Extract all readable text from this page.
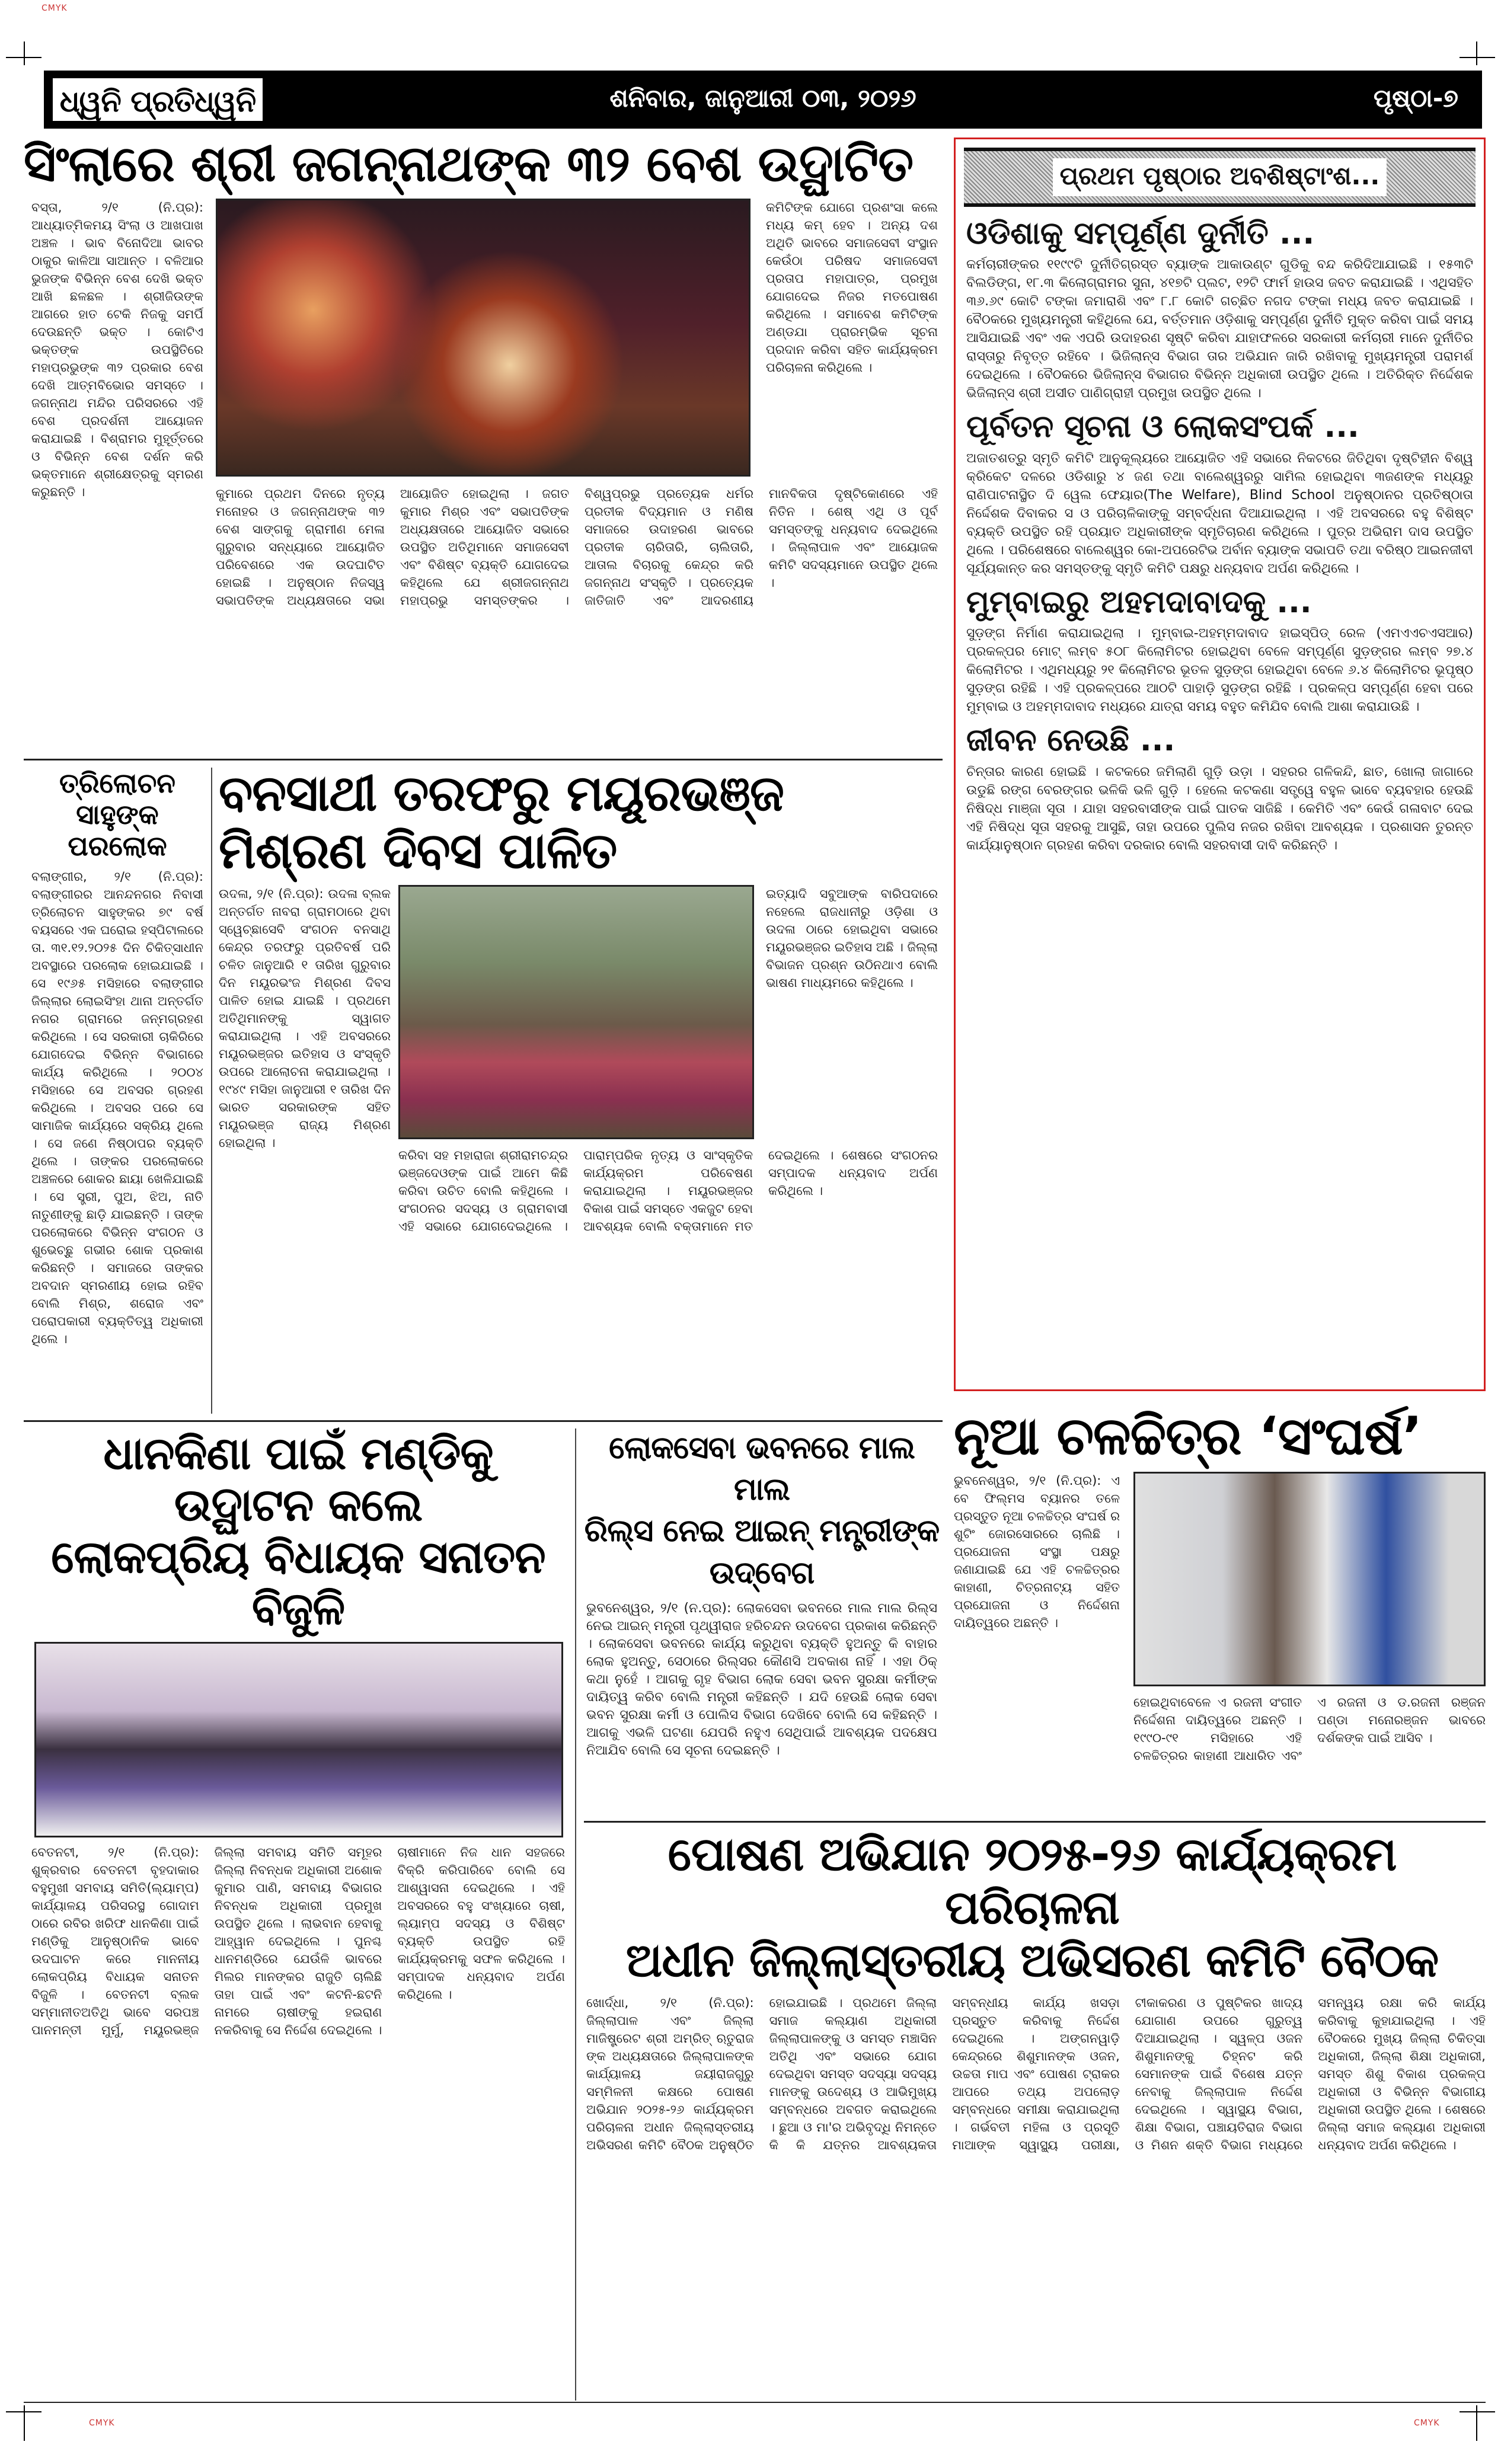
CMYK
CMYK	CMYK
ଧ୍ୱନି ପ୍ରତିଧ୍ୱନି	ଶନିବାର, ଜାନୁଆରୀ ୦୩, ୨୦୨୬	ପୃଷ୍ଠା-୭
ସିଂଲାରେ ଶ୍ରୀ ଜଗନ୍ନାଥଙ୍କ ୩୨ ବେଶ ଉଦ୍ଘାଟିତ
ବସ୍ତା, ୨/୧ (ନି.ପ୍ର): ଆଧ୍ୟାତ୍ମିକମୟ ସିଂଲା ଓ ଆଖପାଖ ଅଞ୍ଚଳ । ଭାବ ବିନୋଦିଆ ଭାବର ଠାକୁର କାଳିଆ ସାଆନ୍ତ । ବଳିଆର ଭୁଜଙ୍କ ବିଭିନ୍ନ ବେଶ ଦେଖି ଭକ୍ତ ଆଖି ଛଳଛଳ । ଶ୍ରୀଜିଉଙ୍କ ଆଗରେ ହାତ ଟେକି ନିଜକୁ ସମର୍ପି ଦେଉଛନ୍ତି ଭକ୍ତ । କୋଟିଏ ଭକ୍ତଙ୍କ ଉପସ୍ଥିତିରେ ମହାପ୍ରଭୁଙ୍କ ୩୨ ପ୍ରକାର ବେଶ ଦେଖି ଆତ୍ମବିଭୋର ସମସ୍ତେ । ଜଗନ୍ନାଥ ମନ୍ଦିର ପରିସରରେ ଏହି ବେଶ ପ୍ରଦର୍ଶନୀ ଆୟୋଜନ କରାଯାଇଛି । ବିଶ୍ରାମର ମୁହୂର୍ତ୍ତରେ ଓ ବିଭିନ୍ନ ବେଶ ଦର୍ଶନ କରି ଭକ୍ତମାନେ ଶ୍ରୀକ୍ଷେତ୍ରକୁ ସ୍ମରଣ କରୁଛନ୍ତି ।
କମିଟିଙ୍କ ଯୋଗେ ପ୍ରଶଂସା କଲେ ମଧ୍ୟ କମ୍ ହେବ । ଅନ୍ୟ ଦଶ ଅଥିତି ଭାବରେ ସମାଜସେବୀ ସଂସ୍ଥାନ କେଉଁଠା ପରିଷଦ ସମାଜସେବୀ ପ୍ରତାପ ମହାପାତ୍ର, ପ୍ରମୁଖ ଯୋଗଦେଇ ନିଜର ମତପୋଷଣ କରିଥିଲେ । ସମାବେଶ କମିଟିଙ୍କ ଅଣ୍ଡଯା ପ୍ରାରମ୍ଭିକ ସୂଚନା ପ୍ରଦାନ କରିବା ସହିତ କାର୍ଯ୍ୟକ୍ରମ ପରିଚାଳନା କରିଥିଲେ ।
କୁମାରେ ପ୍ରଥମ ଦିନରେ ନୃତ୍ୟ ମନୋହର ଓ ଜଗନ୍ନାଥଙ୍କ ୩୨ ବେଶ ସାଙ୍ଗକୁ ଗ୍ରାମୀଣ ମେଳା ଗୁରୁବାର ସନ୍ଧ୍ୟାରେ ଆୟୋଜିତ ପରିବେଶରେ ଏକ ଉଦଘାଟିତ ହୋଇଛି । ଅନୁଷ୍ଠାନ ନିଜସ୍ୱ ସଭାପତିଙ୍କ ଅଧ୍ୟକ୍ଷତାରେ ସଭା ଆୟୋଜିତ ହୋଇଥିଲା । ଜଗତ କୁମାର ମିଶ୍ର ଏବଂ ସଭାପତିଙ୍କ ଅଧ୍ୟକ୍ଷତାରେ ଆୟୋଜିତ ସଭାରେ ଉପସ୍ଥିତ ଅତିଥିମାନେ ସମାଜସେବୀ ଏବଂ ବିଶିଷ୍ଟ ବ୍ୟକ୍ତି ଯୋଗଦେଇ କହିଥିଲେ ଯେ ଶ୍ରୀଜଗନ୍ନାଥ ମହାପ୍ରଭୁ ସମସ୍ତଙ୍କର । ବିଶ୍ୱପ୍ରଭୁ ପ୍ରତ୍ୟେକ ଧର୍ମର ପ୍ରତୀକ ବିଦ୍ୟମାନ ଓ ମଣିଷ ସମାଜରେ ଉଦାହରଣ ଭାବରେ ପ୍ରତୀକ ଚାରିତାରି, ଚାଲିତାରି, ଆତାଲ ବିଚାରକୁ କେନ୍ଦ୍ର କରି ଜଗନ୍ନାଥ ସଂସ୍କୃତି । ପ୍ରତ୍ୟେକ ଜାତିଜାତି ଏବଂ ଆଦରଣୀୟ ମାନବିକତା ଦୃଷ୍ଟିକୋଣରେ ଏହି ନିତିନ । ଶେଷ୍ ଏଥି ଓ ପୂର୍ବ ସମସ୍ତଙ୍କୁ ଧନ୍ୟବାଦ ଦେଇଥିଲେ । ଜିଲ୍ଲାପାଳ ଏବଂ ଆୟୋଜକ କମିଟି ସଦସ୍ୟମାନେ ଉପସ୍ଥିତ ଥିଲେ ।
ପ୍ରଥମ ପୃଷ୍ଠାର ଅବଶିଷ୍ଟାଂଶ...
ଓଡିଶାକୁ ସମ୍ପୂର୍ଣ୍ଣ ଦୁର୍ନୀତି ...
କର୍ମଚାରୀଙ୍କର ୧୧୯୯ଟି ଦୁର୍ନୀତିଗ୍ରସ୍ତ ବ୍ୟାଙ୍କ ଆକାଉଣ୍ଟ ଗୁଡିକୁ ବନ୍ଦ କରିଦିଆଯାଇଛି । ୧୫୩ଟି ବିଲଡିଙ୍ଗ, ୧୮.୩ କିଲୋଗ୍ରାମର ସୁନା, ୪୧୭ଟି ପ୍ଲଟ, ୧୨ଟି ଫାର୍ମ ହାଉସ ଜବତ କରାଯାଇଛି । ଏଥିସହିତ ୩୬.୬୯ କୋଟି ଟଙ୍କା ଜମାରାଶି ଏବଂ ୮.୮ କୋଟି ଗଚ୍ଛିତ ନଗଦ ଟଙ୍କା ମଧ୍ୟ ଜବତ କରାଯାଇଛି । ବୈଠକରେ ମୁଖ୍ୟମନ୍ତ୍ରୀ କହିଥିଲେ ଯେ, ବର୍ତ୍ତମାନ ଓଡ଼ିଶାକୁ ସମ୍ପୂର୍ଣ୍ଣ ଦୁର୍ନୀତି ମୁକ୍ତ କରିବା ପାଇଁ ସମୟ ଆସିଯାଇଛି ଏବଂ ଏକ ଏପରି ଉଦାହରଣ ସୃଷ୍ଟି କରିବା ଯାହାଫଳରେ ସରକାରୀ କର୍ମଚାରୀ ମାନେ ଦୁର୍ନୀତିର ରାସ୍ତାରୁ ନିବୃତ୍ତ ରହିବେ । ଭିଜିଲାନ୍ସ ବିଭାଗ ତାର ଅଭିଯାନ ଜାରି ରଖିବାକୁ ମୁଖ୍ୟମନ୍ତ୍ରୀ ପରାମର୍ଶ ଦେଇଥିଲେ । ବୈଠକରେ ଭିଜିଲାନ୍ସ ବିଭାଗର ବିଭିନ୍ନ ଅଧିକାରୀ ଉପସ୍ଥିତ ଥିଲେ । ଅତିରିକ୍ତ ନିର୍ଦ୍ଦେଶକ ଭିଜିଲାନ୍ସ ଶ୍ରୀ ଅସୀତ ପାଣିଗ୍ରାହୀ ପ୍ରମୁଖ ଉପସ୍ଥିତ ଥିଲେ ।
ପୂର୍ବତନ ସୂଚନା ଓ ଲୋକସଂପର୍କ ...
ଅଜାତଶତ୍ରୁ ସ୍ମୃତି କମିଟି ଆନୁକୂଲ୍ୟରେ ଆୟୋଜିତ ଏହି ସଭାରେ ନିକଟରେ ଜିତିଥିବା ଦୃଷ୍ଟିହୀନ ବିଶ୍ୱ କ୍ରିକେଟ ଦଳରେ ଓଡିଶାରୁ ୪ ଜଣ ତଥା ବାଲେଶ୍ୱରରୁ ସାମିଲ ହୋଇଥିବା ୩ଜଣଙ୍କ ମଧ୍ୟରୁ ରାଣିପାଟନାସ୍ଥିତ ଦି ୱେଲ ଫେୟାର(The Welfare), Blind School ଅନୁଷ୍ଠାନର ପ୍ରତିଷ୍ଠାତା ନିର୍ଦ୍ଦେଶକ ଦିବାକର ସ ଓ ପରିଚାଳିକାଙ୍କୁ ସମ୍ବର୍ଦ୍ଧନା ଦିଆଯାଇଥିଲା । ଏହି ଅବସରରେ ବହୁ ବିଶିଷ୍ଟ ବ୍ୟକ୍ତି ଉପସ୍ଥିତ ରହି ପ୍ରୟାତ ଅଧିକାରୀଙ୍କ ସ୍ମୃତିଚାରଣ କରିଥିଲେ । ପୁତ୍ର ଅଭିରାମ ଦାସ ଉପସ୍ଥିତ ଥିଲେ । ପରିଶେଷରେ ବାଲେଶ୍ୱର କୋ-ଅପରେଟିଭ ଅର୍ବାନ ବ୍ୟାଙ୍କ ସଭାପତି ତଥା ବରିଷ୍ଠ ଆଇନଜୀବୀ ସୂର୍ଯ୍ୟକାନ୍ତ କର ସମସ୍ତଙ୍କୁ ସ୍ମୃତି କମିଟି ପକ୍ଷରୁ ଧନ୍ୟବାଦ ଅର୍ପଣ କରିଥିଲେ ।
ମୁମ୍ବାଇରୁ ଅହମଦାବାଦକୁ ...
ସୁଡ଼ଙ୍ଗ ନିର୍ମାଣ କରାଯାଇଥିଲା । ମୁମ୍ବାଇ-ଅହମ୍ମଦାବାଦ ହାଇସ୍ପିଡ୍ ରେଳ (ଏମଏଏଚଏସଆର) ପ୍ରକଳ୍ପର ମୋଟ୍ ଲମ୍ବ ୫୦୮ କିଲୋମିଟର ହୋଇଥିବା ବେଳେ ସମ୍ପୂର୍ଣ୍ଣ ସୁଡ଼ଙ୍ଗର ଲମ୍ବ ୨୭.୪ କିଲୋମିଟର । ଏଥିମଧ୍ୟରୁ ୨୧ କିଲୋମିଟର ଭୂତଳ ସୁଡ଼ଙ୍ଗ ହୋଇଥିବା ବେଳେ ୬.୪ କିଲୋମିଟର ଭୂପୃଷ୍ଠ ସୁଡ଼ଙ୍ଗ ରହିଛି । ଏହି ପ୍ରକଳ୍ପରେ ଆଠଟି ପାହାଡ଼ି ସୁଡ଼ଙ୍ଗ ରହିଛି । ପ୍ରକଳ୍ପ ସମ୍ପୂର୍ଣ୍ଣ ହେବା ପରେ ମୁମ୍ବାଇ ଓ ଅହମ୍ମଦାବାଦ ମଧ୍ୟରେ ଯାତ୍ରା ସମୟ ବହୁତ କମିଯିବ ବୋଲି ଆଶା କରାଯାଉଛି ।
ଜୀବନ ନେଉଛି ...
ଚିନ୍ତାର କାରଣ ହୋଇଛି । କଟକରେ ଜମିଲାଣି ଗୁଡ଼ି ଉଡ଼ା । ସହରର ଗଳିକନ୍ଦି, ଛାତ, ଖୋଲା ଜାଗାରେ ଉଡୁଛି ରଙ୍ଗ ବେରଙ୍ଗର ଭଳିକି ଭଳି ଗୁଡ଼ି । ହେଲେ କଟକଣା ସତ୍ତ୍ୱେ ବହୁଳ ଭାବେ ବ୍ୟବହାର ହେଉଛି ନିଷିଦ୍ଧ ମାଞ୍ଜା ସୂତା । ଯାହା ସହରବାସୀଙ୍କ ପାଇଁ ଘାତକ ସାଜିଛି । କେମିତି ଏବଂ କେଉଁ ଗଳାବାଟ ଦେଇ ଏହି ନିଷିଦ୍ଧ ସୂତା ସହରକୁ ଆସୁଛି, ତାହା ଉପରେ ପୁଲିସ ନଜର ରଖିବା ଆବଶ୍ୟକ । ପ୍ରଶାସନ ତୁରନ୍ତ କାର୍ଯ୍ୟାନୁଷ୍ଠାନ ଗ୍ରହଣ କରିବା ଦରକାର ବୋଲି ସହରବାସୀ ଦାବି କରିଛନ୍ତି ।
ତ୍ରିଲୋଚନ ସାହୁଙ୍କ ପରଲୋକ
ବଲାଙ୍ଗୀର, ୨/୧ (ନି.ପ୍ର): ବଲାଙ୍ଗୀରର ଆନନ୍ଦନଗର ନିବାସୀ ତ୍ରିଲୋଚନ ସାହୁଙ୍କର ୭୯ ବର୍ଷ ବୟସରେ ଏକ ଘରୋଇ ହସ୍ପିଟାଲରେ ତା. ୩୧.୧୨.୨୦୨୫ ଦିନ ଚିକିତ୍ସାଧୀନ ଅବସ୍ଥାରେ ପରଲୋକ ହୋଇଯାଇଛି । ସେ ୧୯୬୫ ମସିହାରେ ବଲାଙ୍ଗୀର ଜିଲ୍ଲାର ଲୋଇସିଂହା ଥାନା ଅନ୍ତର୍ଗତ ନଗର ଗ୍ରାମରେ ଜନ୍ମଗ୍ରହଣ କରିଥିଲେ । ସେ ସରକାରୀ ଚାକିରିରେ ଯୋଗଦେଇ ବିଭିନ୍ନ ବିଭାଗରେ କାର୍ଯ୍ୟ କରିଥିଲେ । ୨୦୦୪ ମସିହାରେ ସେ ଅବସର ଗ୍ରହଣ କରିଥିଲେ । ଅବସର ପରେ ସେ ସାମାଜିକ କାର୍ଯ୍ୟରେ ସକ୍ରିୟ ଥିଲେ । ସେ ଜଣେ ନିଷ୍ଠାପର ବ୍ୟକ୍ତି ଥିଲେ । ତାଙ୍କର ପରଲୋକରେ ଅଞ୍ଚଳରେ ଶୋକର ଛାୟା ଖେଳିଯାଇଛି । ସେ ସ୍ତ୍ରୀ, ପୁଅ, ଝିଅ, ନାତି ନାତୁଣୀଙ୍କୁ ଛାଡ଼ି ଯାଇଛନ୍ତି । ତାଙ୍କ ପରଲୋକରେ ବିଭିନ୍ନ ସଂଗଠନ ଓ ଶୁଭେଚ୍ଛୁ ଗଭୀର ଶୋକ ପ୍ରକାଶ କରିଛନ୍ତି । ସମାଜରେ ତାଙ୍କର ଅବଦାନ ସ୍ମରଣୀୟ ହୋଇ ରହିବ ବୋଲି ମିଶ୍ର, ଶରୋଜ ଏବଂ ପରୋପକାରୀ ବ୍ୟକ୍ତିତ୍ୱ ଅଧିକାରୀ ଥିଲେ ।
ବନସାଥୀ ତରଫରୁ ମୟୂରଭଞ୍ଜ ମିଶ୍ରଣ ଦିବସ ପାଳିତ
ଉଦଳା, ୨/୧ (ନି.ପ୍ର): ଉଦଳା ବ୍ଲକ ଅନ୍ତର୍ଗତ ନାବରା ଗ୍ରାମଠାରେ ଥିବା ସ୍ୱେଚ୍ଛାସେବି ସଂଗଠନ ବନସାଥି କେନ୍ଦ୍ର ତରଫରୁ ପ୍ରତିବର୍ଷ ପରି ଚଳିତ ଜାନୁଆରି ୧ ତାରିଖ ଗୁରୁବାର ଦିନ ମୟୂରଭଂଜ ମିଶ୍ରଣ ଦିବସ ପାଳିତ ହୋଇ ଯାଇଛି । ପ୍ରଥମେ ଅତିଥିମାନଙ୍କୁ ସ୍ୱାଗତ କରାଯାଇଥିଲା । ଏହି ଅବସରରେ ମୟୂରଭଞ୍ଜର ଇତିହାସ ଓ ସଂସ୍କୃତି ଉପରେ ଆଲୋଚନା କରାଯାଇଥିଲା । ୧୯୪୯ ମସିହା ଜାନୁଆରୀ ୧ ତାରିଖ ଦିନ ଭାରତ ସରକାରଙ୍କ ସହିତ ମୟୂରଭଞ୍ଜ ରାଜ୍ୟ ମିଶ୍ରଣ ହୋଇଥିଲା ।
ଇତ୍ୟାଦି ସବୁଆଙ୍କ ବାରିପଦାରେ ନହେଲେ ରାଜଧାନୀରୁ ଓଡ଼ିଶା ଓ ଉଦଳା ଠାରେ ହୋଇଥିବା ସଭାରେ ମୟୂରଭଞ୍ଜର ଇତିହାସ ଅଛି । ଜିଲ୍ଲା ବିଭାଜନ ପ୍ରଶ୍ନ ଉଠିନଥାଏ ବୋଲି ଭାଷଣ ମାଧ୍ୟମରେ କହିଥିଲେ ।
କରିବା ସହ ମହାରାଜା ଶ୍ରୀରାମଚନ୍ଦ୍ର ଭଞ୍ଜଦେଓଙ୍କ ପାଇଁ ଆମେ କିଛି କରିବା ଉଚିତ ବୋଲି କହିଥିଲେ । ସଂଗଠନର ସଦସ୍ୟ ଓ ଗ୍ରାମବାସୀ ଏହି ସଭାରେ ଯୋଗଦେଇଥିଲେ । ପାରାମ୍ପରିକ ନୃତ୍ୟ ଓ ସାଂସ୍କୃତିକ କାର୍ଯ୍ୟକ୍ରମ ପରିବେଷଣ କରାଯାଇଥିଲା । ମୟୂରଭଞ୍ଜର ବିକାଶ ପାଇଁ ସମସ୍ତେ ଏକଜୁଟ ହେବା ଆବଶ୍ୟକ ବୋଲି ବକ୍ତାମାନେ ମତ ଦେଇଥିଲେ । ଶେଷରେ ସଂଗଠନର ସମ୍ପାଦକ ଧନ୍ୟବାଦ ଅର୍ପଣ କରିଥିଲେ ।
ଧାନକିଣା ପାଇଁ ମଣ୍ଡିକୁ ଉଦ୍ଘାଟନ କଲେ
ଲୋକପ୍ରିୟ ବିଧାୟକ ସନାତନ ବିଜୁଳି
ବେତନଟୀ, ୨/୧ (ନି.ପ୍ର): ଶୁକ୍ରବାର ବେତନଟୀ ବୃହଦାକାର ବହୁମୁଖୀ ସମବାୟ ସମିତି(ଲ୍ୟାମ୍ପ) କାର୍ଯ୍ୟାଳୟ ପରିସରସ୍ଥ ଗୋଦାମ ଠାରେ ରବିର ଖରିଫ ଧାନକିଣା ପାଇଁ ମଣ୍ଡିକୁ ଆନୁଷ୍ଠାନିକ ଭାବେ ଉଦଘାଟନ କରେ ମାନନୀୟ ଲୋକପ୍ରିୟ ବିଧାୟକ ସନାତନ ବିଜୁଳି । ବେତନଟୀ ବ୍ଲକ ସମ୍ମାନୀତଅତିଥି ଭାବେ ସରପଞ୍ଚ ପାନମନ୍ତୀ ମୁର୍ମୁ, ମୟୂରଭଞ୍ଜ ଜିଲ୍ଲା ସମବାୟ ସମିତି ସମୂହର ଜିଲ୍ଲା ନିବନ୍ଧକ ଅଧିକାରୀ ଅଶୋକ କୁମାର ପାଣି, ସମବାୟ ବିଭାଗର ନିବନ୍ଧକ ଅଧିକାରୀ ପ୍ରମୁଖ ଉପସ୍ଥିତ ଥିଲେ । ଲାଭବାନ ହେବାକୁ ଆହ୍ୱାନ ଦେଇଥିଲେ । ପୁନଶ୍ଚ ଧାନମଣ୍ଡିରେ ଯେଉଁଳି ଭାବରେ ମିଲର ମାନଙ୍କର ରାଜୁତି ଚାଲିଛି ତାହା ପାଇଁ ଏବଂ କଟନି-ଛଟନି ନାମରେ ଚାଷୀଙ୍କୁ ହଇରାଣ ନକରିବାକୁ ସେ ନିର୍ଦ୍ଦେଶ ଦେଇଥିଲେ । ଚାଷୀମାନେ ନିଜ ଧାନ ସହଜରେ ବିକ୍ରି କରିପାରିବେ ବୋଲି ସେ ଆଶ୍ୱାସନା ଦେଇଥିଲେ । ଏହି ଅବସରରେ ବହୁ ସଂଖ୍ୟାରେ ଚାଷୀ, ଲ୍ୟାମ୍ପ ସଦସ୍ୟ ଓ ବିଶିଷ୍ଟ ବ୍ୟକ୍ତି ଉପସ୍ଥିତ ରହି କାର୍ଯ୍ୟକ୍ରମକୁ ସଫଳ କରିଥିଲେ । ସମ୍ପାଦକ ଧନ୍ୟବାଦ ଅର୍ପଣ କରିଥିଲେ ।
ଲୋକସେବା ଭବନରେ ମାଲ ମାଲ
ରିଲ୍ସ ନେଇ ଆଇନ୍ ମନ୍ତ୍ରୀଙ୍କ ଉଦ୍‌ବେଗ
ଭୁବନେଶ୍ୱର, ୨/୧ (ନ.ପ୍ର): ଲୋକସେବା ଭବନରେ ମାଲ ମାଲ ରିଲ୍ସ ନେଇ ଆଇନ୍ ମନ୍ତ୍ରୀ ପୃଥ୍ୱୀରାଜ ହରିଚନ୍ଦନ ଉଦବେଗ ପ୍ରକାଶ କରିଛନ୍ତି । ଲୋକସେବା ଭବନରେ କାର୍ଯ୍ୟ କରୁଥିବା ବ୍ୟକ୍ତି ହୁଅନ୍ତୁ କି ବାହାର ଲୋକ ହୁଅନ୍ତୁ, ସେଠାରେ ରିଲ୍ସର କୌଣସି ଅବକାଶ ନାହିଁ । ଏହା ଠିକ୍ କଥା ନୁହେଁ । ଆଗକୁ ଗୃହ ବିଭାଗ ଲୋକ ସେବା ଭବନ ସୁରକ୍ଷା କର୍ମୀଙ୍କ ଦାୟିତ୍ୱ କରିବ ବୋଲି ମନ୍ତ୍ରୀ କହିଛନ୍ତି । ଯଦି ହେଉଛି ଲୋକ ସେବା ଭବନ ସୁରକ୍ଷା କର୍ମୀ ଓ ପୋଲିସ ବିଭାଗ ଦେଖିବେ ବୋଲି ସେ କହିଛନ୍ତି । ଆଗକୁ ଏଭଳି ଘଟଣା ଯେପରି ନହୁଏ ସେଥିପାଇଁ ଆବଶ୍ୟକ ପଦକ୍ଷେପ ନିଆଯିବ ବୋଲି ସେ ସୂଚନା ଦେଇଛନ୍ତି ।
ନୂଆ ଚଳଚ୍ଚିତ୍ର ‘ସଂଘର୍ଷ’
ଭୁବନେଶ୍ୱର, ୨/୧ (ନି.ପ୍ର): ଏ ବେ ଫିଲ୍ମସ ବ୍ୟାନର ତଳେ ପ୍ରସ୍ତୁତ ନୂଆ ଚଳଚ୍ଚିତ୍ର ସଂଘର୍ଷ ର ଶୁଟିଂ ଜୋରସୋରରେ ଚାଲିଛି । ପ୍ରଯୋଜନା ସଂସ୍ଥା ପକ୍ଷରୁ ଜଣାଯାଇଛି ଯେ ଏହି ଚଳଚ୍ଚିତ୍ରର କାହାଣୀ, ଚିତ୍ରନାଟ୍ୟ ସହିତ ପ୍ରଯୋଜନା ଓ ନିର୍ଦ୍ଦେଶନା ଦାୟିତ୍ୱରେ ଅଛନ୍ତି ।
ହୋଇଥିବାବେଳେ ଏ ରଜନୀ ସଂଗୀତ ନିର୍ଦ୍ଦେଶନା ଦାୟିତ୍ୱରେ ଅଛନ୍ତି । ୧୯୯୦-୯୧ ମସିହାରେ ଏହି ଚଳଚ୍ଚିତ୍ରର କାହାଣୀ ଆଧାରିତ ଏବଂ ଏ ରଜନୀ ଓ ଡ.ରଜନୀ ରଞ୍ଜନ ପଣ୍ଡା ମନୋରଞ୍ଜନ ଭାବରେ ଦର୍ଶକଙ୍କ ପାଇଁ ଆସିବ ।
ପୋଷଣ ଅଭିଯାନ ୨୦୨୫-୨୬ କାର୍ଯ୍ୟକ୍ରମ ପରିଚାଳନା
ଅଧୀନ ଜିଲ୍ଲାସ୍ତରୀୟ ଅଭିସରଣ କମିଟି ବୈଠକ
ଖୋର୍ଦ୍ଧା, ୨/୧ (ନି.ପ୍ର): ଜିଲ୍ଲାପାଳ ଏବଂ ଜିଲ୍ଲା ମାଜିଷ୍ଟ୍ରେଟ ଶ୍ରୀ ଅମ୍ରିତ୍ ଋତୁରାଜ ଙ୍କ ଅଧ୍ୟକ୍ଷତାରେ ଜିଲ୍ଲାପାଳଙ୍କ କାର୍ଯ୍ୟାଳୟ ଜୟୀରାଜଗୁରୁ ସମ୍ମିଳନୀ କକ୍ଷରେ ପୋଷଣ ଅଭିଯାନ ୨୦୨୫-୨୬ କାର୍ଯ୍ୟକ୍ରମ ପରିଚାଳନା ଅଧୀନ ଜିଲ୍ଲାସ୍ତରୀୟ ଅଭିସରଣ କମିଟି ବୈଠକ ଅନୁଷ୍ଠିତ ହୋଇଯାଇଛି । ପ୍ରଥମେ ଜିଲ୍ଲା ସମାଜ କଲ୍ୟାଣ ଅଧିକାରୀ ଜିଲ୍ଲାପାଳଙ୍କୁ ଓ ସମସ୍ତ ମଞ୍ଚାସିନ ଅତିଥି ଏବଂ ସଭାରେ ଯୋଗ ଦେଇଥିବା ସମସ୍ତ ସଦସ୍ୟା ସଦସ୍ୟ ମାନଙ୍କୁ ଉଦେଶ୍ୟ ଓ ଆଭିମୁଖ୍ୟ ସମ୍ବନ୍ଧରେ ଅବଗତ କରାଇଥିଲେ । ଛୁଆ ଓ ମା'ର ଅଭିବୃଦ୍ଧି ନିମନ୍ତେ କି କି ଯତ୍ନର ଆବଶ୍ୟକତା ସମ୍ବନ୍ଧୀୟ କାର୍ଯ୍ୟ ଖସଡ଼ା ପ୍ରସ୍ତୁତ କରିବାକୁ ନିର୍ଦ୍ଦେଶ ଦେଇଥିଲେ । ଅଙ୍ଗନୱାଡ଼ି କେନ୍ଦ୍ରରେ ଶିଶୁମାନଙ୍କ ଓଜନ, ଉଚ୍ଚତା ମାପ ଏବଂ ପୋଷଣ ଟ୍ରାକର ଆପରେ ତଥ୍ୟ ଅପଲୋଡ଼ ସମ୍ବନ୍ଧରେ ସମୀକ୍ଷା କରାଯାଇଥିଲା । ଗର୍ଭବତୀ ମହିଳା ଓ ପ୍ରସୂତି ମାଆଙ୍କ ସ୍ୱାସ୍ଥ୍ୟ ପରୀକ୍ଷା, ଟୀକାକରଣ ଓ ପୁଷ୍ଟିକର ଖାଦ୍ୟ ଯୋଗାଣ ଉପରେ ଗୁରୁତ୍ୱ ଦିଆଯାଇଥିଲା । ସ୍ୱଳ୍ପ ଓଜନ ଶିଶୁମାନଙ୍କୁ ଚିହ୍ନଟ କରି ସେମାନଙ୍କ ପାଇଁ ବିଶେଷ ଯତ୍ନ ନେବାକୁ ଜିଲ୍ଲାପାଳ ନିର୍ଦ୍ଦେଶ ଦେଇଥିଲେ । ସ୍ୱାସ୍ଥ୍ୟ ବିଭାଗ, ଶିକ୍ଷା ବିଭାଗ, ପଞ୍ଚାୟତିରାଜ ବିଭାଗ ଓ ମିଶନ ଶକ୍ତି ବିଭାଗ ମଧ୍ୟରେ ସମନ୍ୱୟ ରକ୍ଷା କରି କାର୍ଯ୍ୟ କରିବାକୁ କୁହାଯାଇଥିଲା । ଏହି ବୈଠକରେ ମୁଖ୍ୟ ଜିଲ୍ଲା ଚିକିତ୍ସା ଅଧିକାରୀ, ଜିଲ୍ଲା ଶିକ୍ଷା ଅଧିକାରୀ, ସମସ୍ତ ଶିଶୁ ବିକାଶ ପ୍ରକଳ୍ପ ଅଧିକାରୀ ଓ ବିଭିନ୍ନ ବିଭାଗୀୟ ଅଧିକାରୀ ଉପସ୍ଥିତ ଥିଲେ । ଶେଷରେ ଜିଲ୍ଲା ସମାଜ କଲ୍ୟାଣ ଅଧିକାରୀ ଧନ୍ୟବାଦ ଅର୍ପଣ କରିଥିଲେ ।
